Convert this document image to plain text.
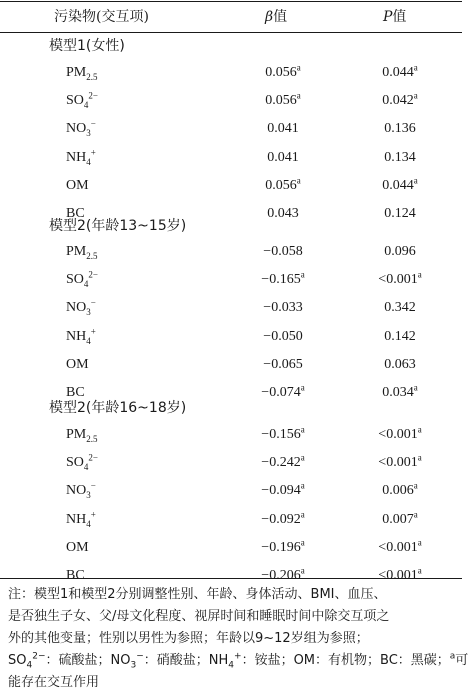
污染物(交互项)	β值	P值
模型1(女性)
$PM_{2.5}$	0.056$^a$	0.044$^a$
$SO_4^{2-}$	0.056$^a$	0.042$^a$
$NO_3^-$	0.041	0.136
$NH_4^+$	0.041	0.134
OM	0.056$^a$	0.044$^a$
BC	0.043	0.124
模型2(年龄13~15岁)
$PM_{2.5}$	−0.058	0.096
$SO_4^{2-}$	−0.165$^a$	<0.001$^a$
$NO_3^-$	−0.033	0.342
$NH_4^+$	−0.050	0.142
OM	−0.065	0.063
BC	−0.074$^a$	0.034$^a$
模型2(年龄16~18岁)
$PM_{2.5}$	−0.156$^a$	<0.001$^a$
$SO_4^{2-}$	−0.242$^a$	<0.001$^a$
$NO_3^-$	−0.094$^a$	0.006$^a$
$NH_4^+$	−0.092$^a$	0.007$^a$
OM	−0.196$^a$	<0.001$^a$
BC	−0.206$^a$	<0.001$^a$
注：模型1和模型2分别调整性别、年龄、身体活动、BMI、血压、
是否独生子女、父/母文化程度、视屏时间和睡眠时间中除交互项之
外的其他变量；性别以男性为参照；年龄以9~12岁组为参照；
$SO_4^{2-}$：硫酸盐；$NO_3^-$：硝酸盐；$NH_4^+$：铵盐；OM：有机物；BC：黑碳；$^a$可
能存在交互作用
